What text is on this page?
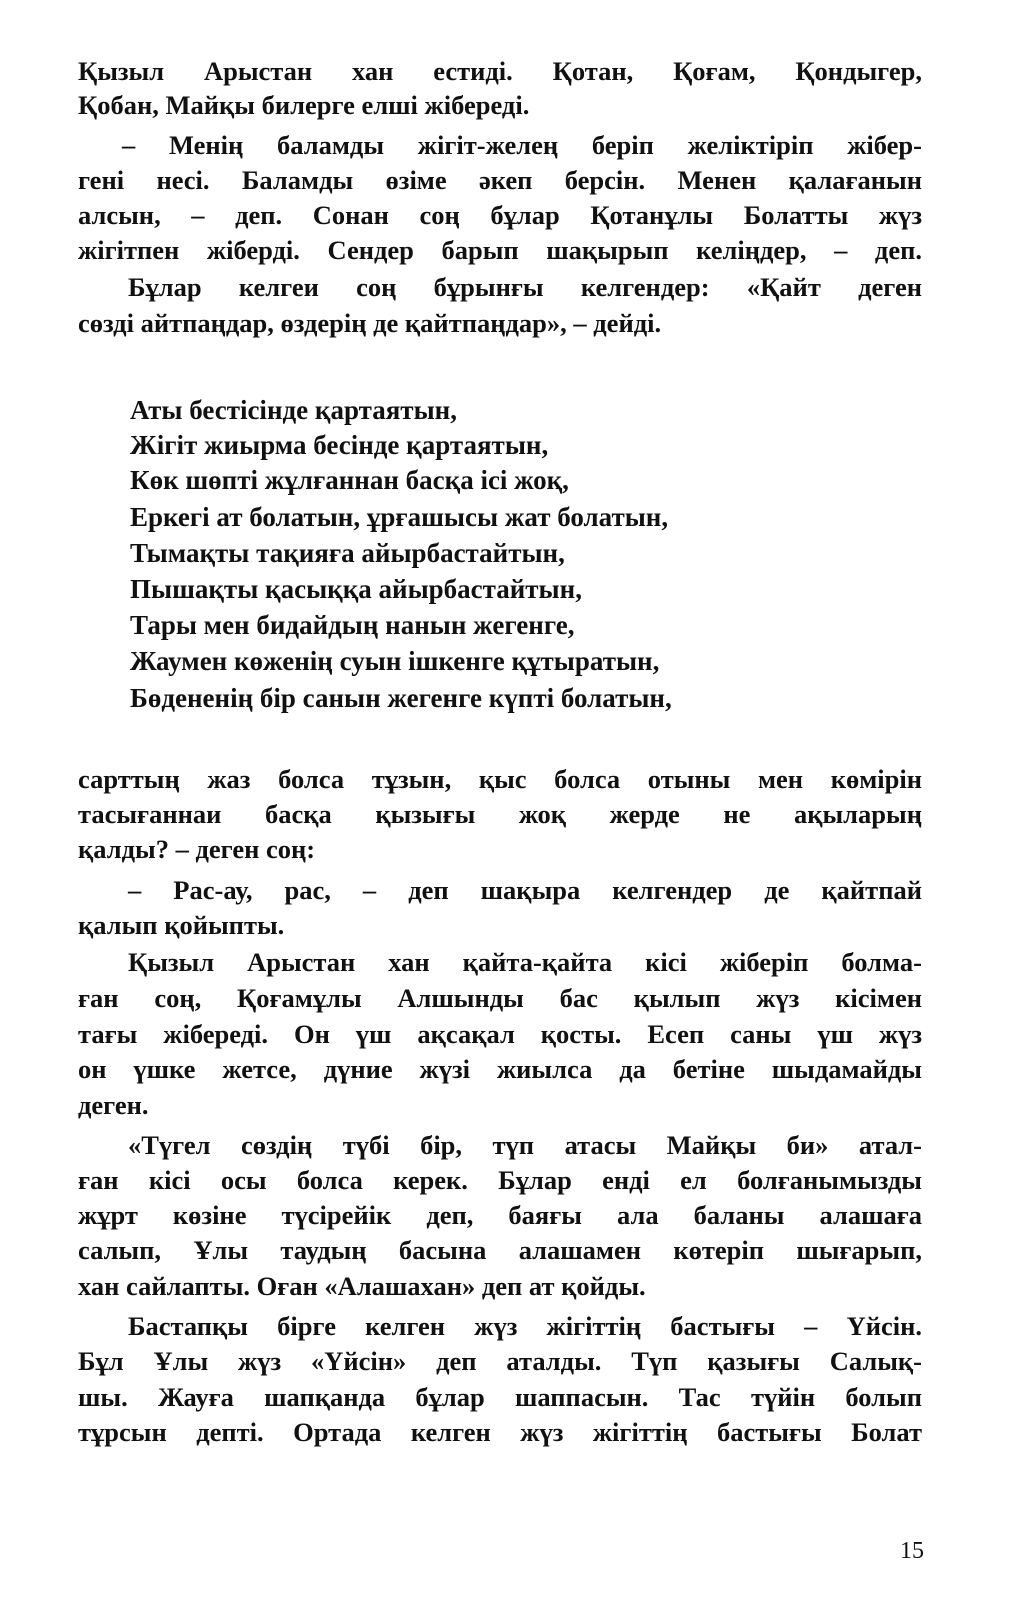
Қызыл Арыстан хан естиді. Қотан, Қоғам, Қондыгер,
Қобан, Майқы билерге елші жібереді.
– Менің баламды жігіт-желең беріп желіктіріп жібер-
гені несі. Баламды өзіме әкеп берсін. Менен қалағанын
алсын, – деп. Сонан соң бұлар Қотанұлы Болатты жүз
жігітпен жіберді. Сендер барып шақырып келіңдер, – деп.
Бұлар келгеи соң бұрынғы келгендер: «Қайт деген
сөзді айтпаңдар, өздерің де қайтпаңдар», – дейді.
Аты бестісінде қартаятын,
Жігіт жиырма бесінде қартаятын,
Көк шөпті жұлғаннан басқа ісі жоқ,
Еркегі ат болатын, ұрғашысы жат болатын,
Тымақты тақияға айырбастайтын,
Пышақты қасыққа айырбастайтын,
Тары мен бидайдың нанын жегенге,
Жаумен көженің суын ішкенге құтыратын,
Бөдененің бір санын жегенге күпті болатын,
сарттың жаз болса тұзын, қыс болса отыны мен көмірін
тасығаннаи басқа қызығы жоқ жерде не ақыларың
қалды? – деген соң:
– Рас-ау, рас, – деп шақыра келгендер де қайтпай
қалып қойыпты.
Қызыл Арыстан хан қайта-қайта кісі жіберіп болма-
ған соң, Қоғамұлы Алшынды бас қылып жүз кісімен
тағы жібереді. Он үш ақсақал қосты. Есеп саны үш жүз
он үшке жетсе, дүние жүзі жиылса да бетіне шыдамайды
деген.
«Түгел сөздің түбі бір, түп атасы Майқы би» атал-
ған кісі осы болса керек. Бұлар енді ел болғанымызды
жұрт көзіне түсірейік деп, баяғы ала баланы алашаға
салып, Ұлы таудың басына алашамен көтеріп шығарып,
хан сайлапты. Оған «Алашахан» деп ат қойды.
Бастапқы бірге келген жүз жігіттің бастығы – Үйсін.
Бұл Ұлы жүз «Үйсін» деп аталды. Түп қазығы Салық-
шы. Жауға шапқанда бұлар шаппасын. Тас түйін болып
тұрсын депті. Ортада келген жүз жігіттің бастығы Болат
15
